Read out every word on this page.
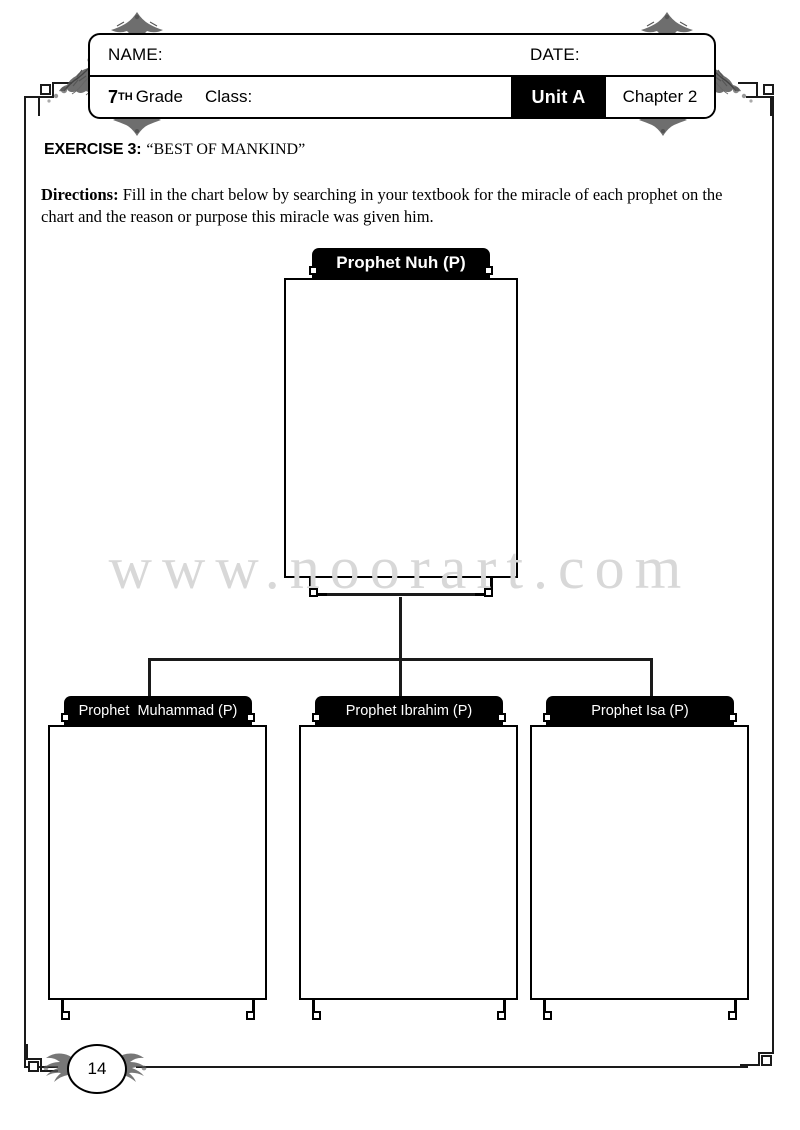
NAME:	DATE:
7 TH Grade Class:	Unit A	Chapter 2
EXERCISE 3: “BEST OF MANKIND”
Directions: Fill in the chart below by searching in your textbook for the miracle of each prophet on the chart and the reason or purpose this miracle was given him.
Prophet Nuh (P)
Prophet  Muhammad (P)	Prophet Ibrahim (P)	Prophet Isa (P)
www.noorart.com
14
